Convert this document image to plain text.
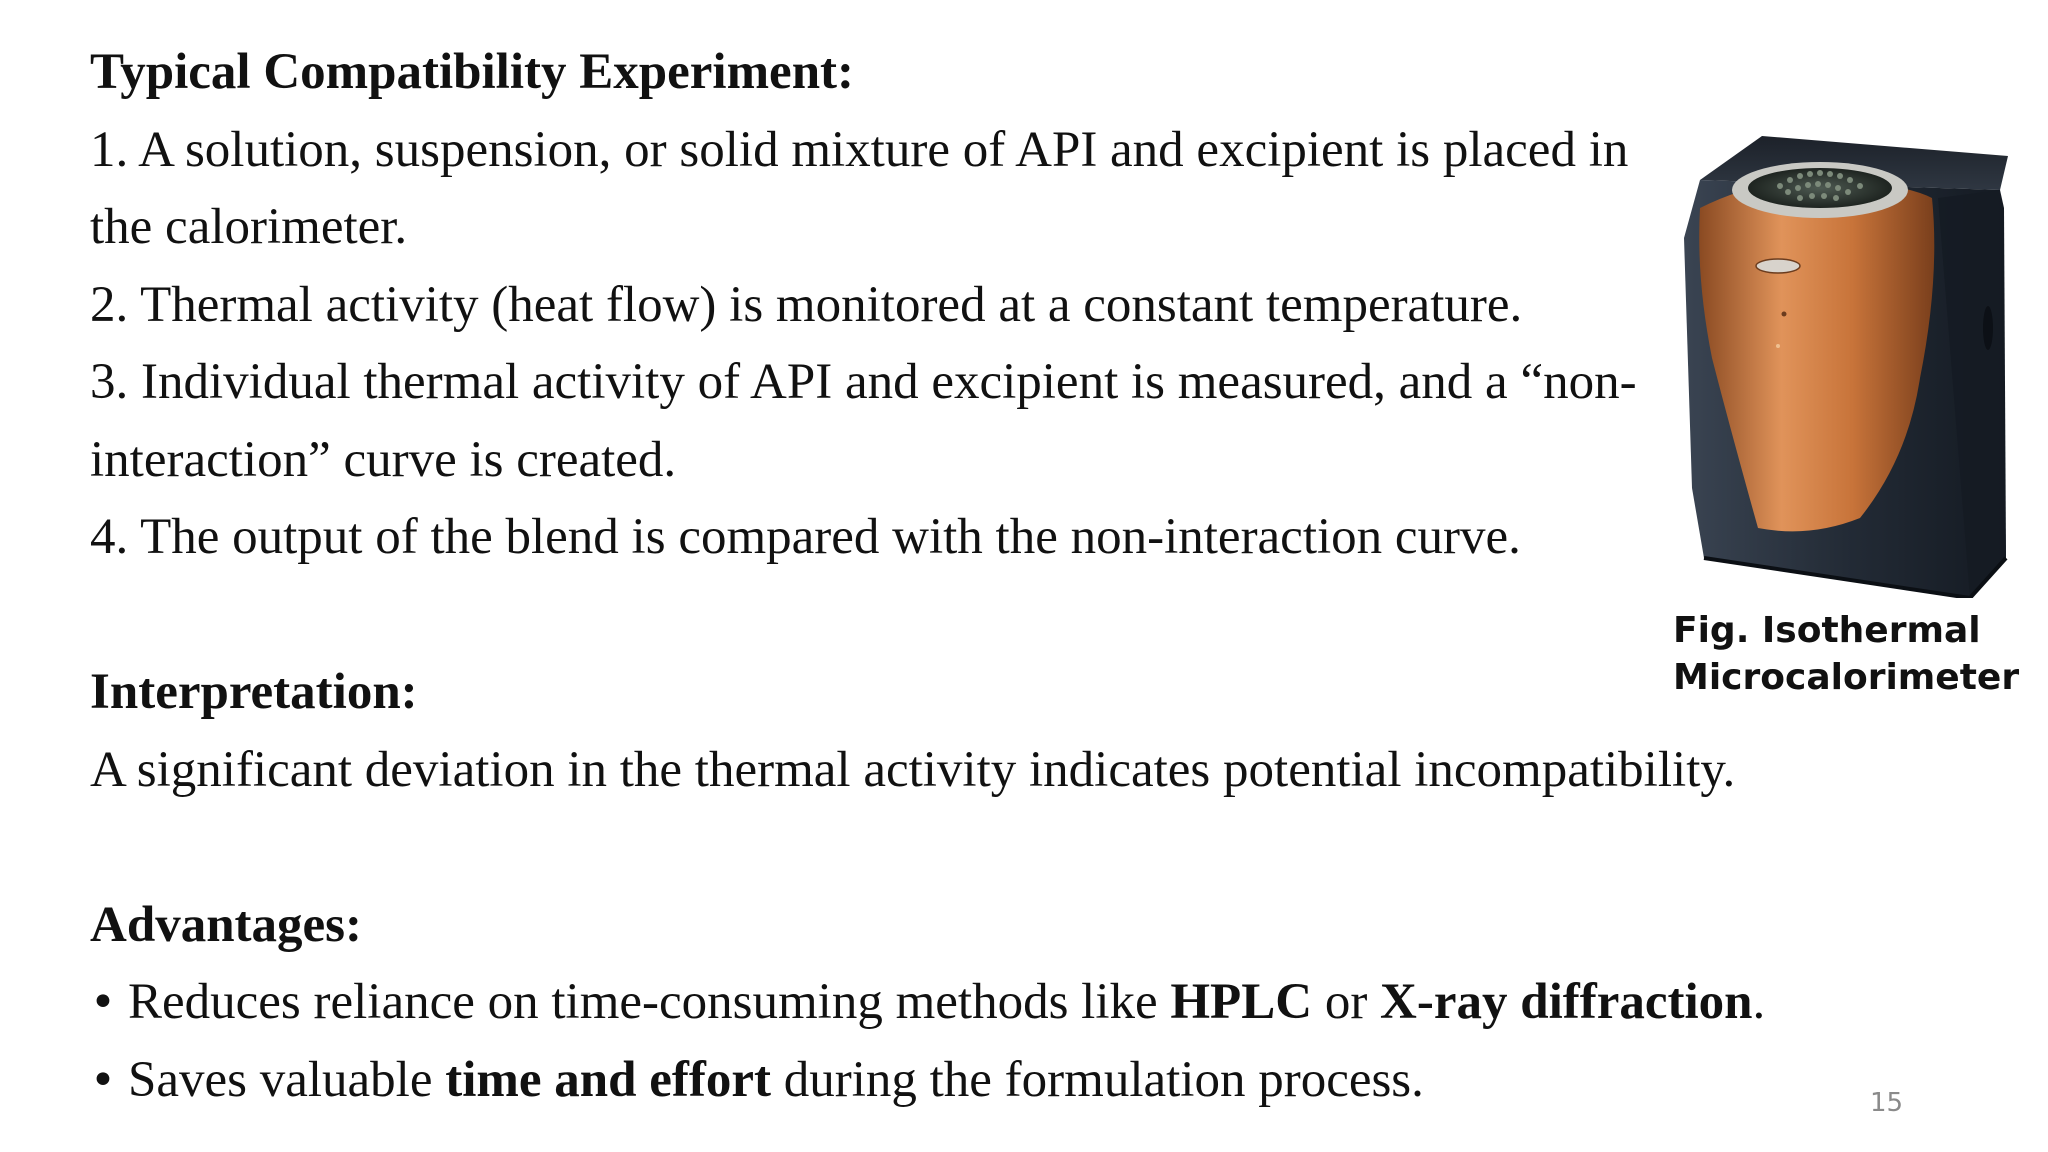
Typical Compatibility Experiment:
1. A solution, suspension, or solid mixture of API and excipient is placed in
the calorimeter.
2. Thermal activity (heat flow) is monitored at a constant temperature.
3. Individual thermal activity of API and excipient is measured, and a “non-
interaction” curve is created.
4. The output of the blend is compared with the non-interaction curve.
Interpretation:
A significant deviation in the thermal activity indicates potential incompatibility.
Advantages:
• Reduces reliance on time-consuming methods like HPLC or X-ray diffraction.
• Saves valuable time and effort during the formulation process.
Fig. Isothermal
Microcalorimeter
15
